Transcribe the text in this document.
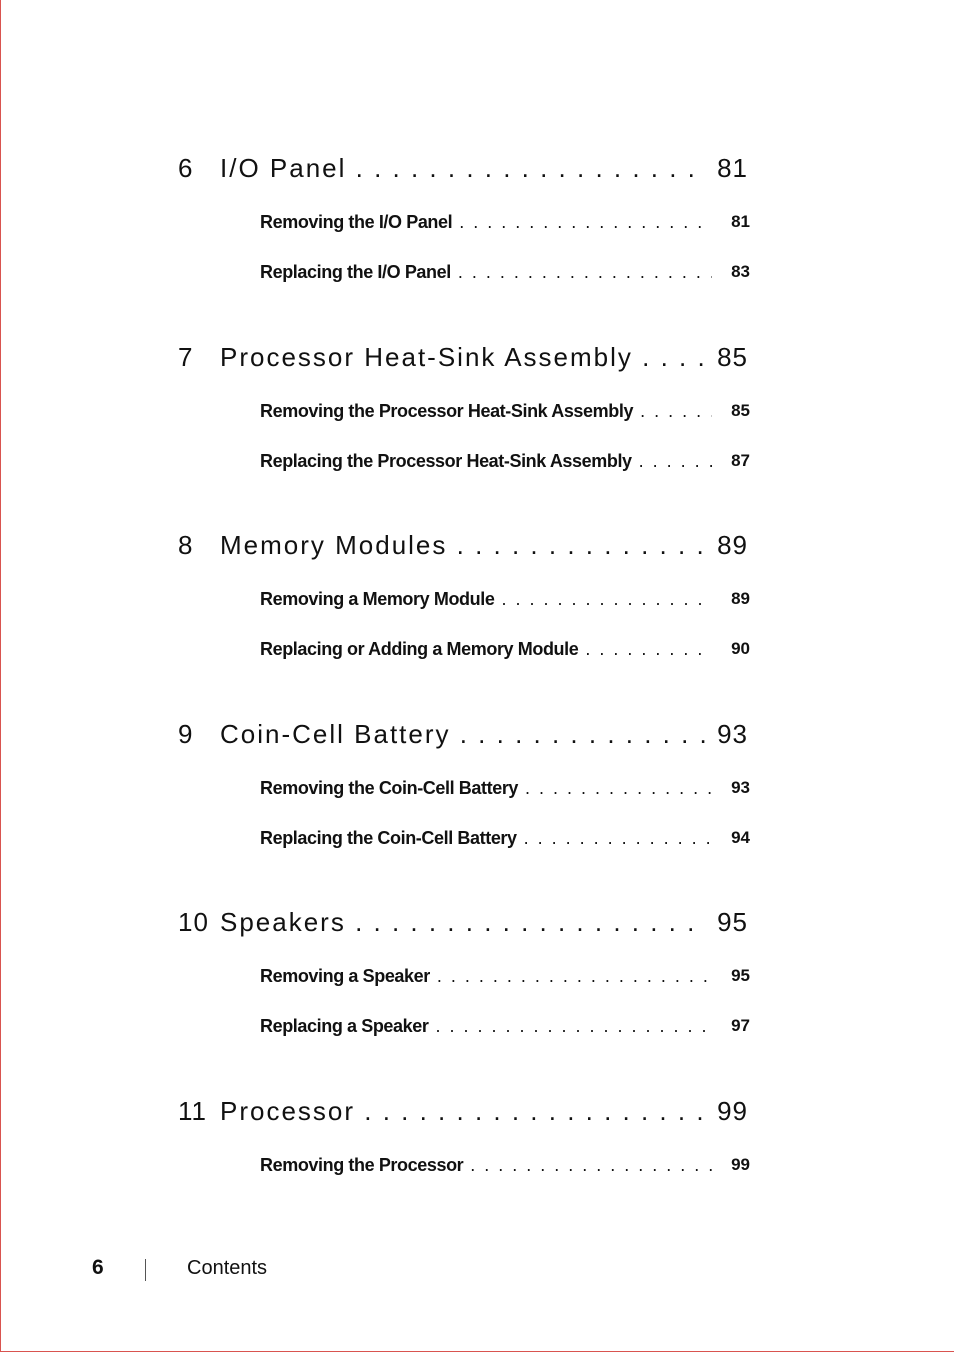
6 I/O Panel . . .	81
Removing the I/O Panel . . .	81
Replacing the I/O Panel . . .	83
7 Processor Heat-Sink Assembly . . .	85
Removing the Processor Heat-Sink Assembly . . .	85
Replacing the Processor Heat-Sink Assembly . . .	87
8 Memory Modules . . .	89
Removing a Memory Module . . .	89
Replacing or Adding a Memory Module . . .	90
9 Coin-Cell Battery . . .	93
Removing the Coin-Cell Battery . . .	93
Replacing the Coin-Cell Battery . . .	94
10 Speakers . . .	95
Removing a Speaker . . .	95
Replacing a Speaker . . .	97
11 Processor . . .	99
Removing the Processor . . .	99
6	Contents
